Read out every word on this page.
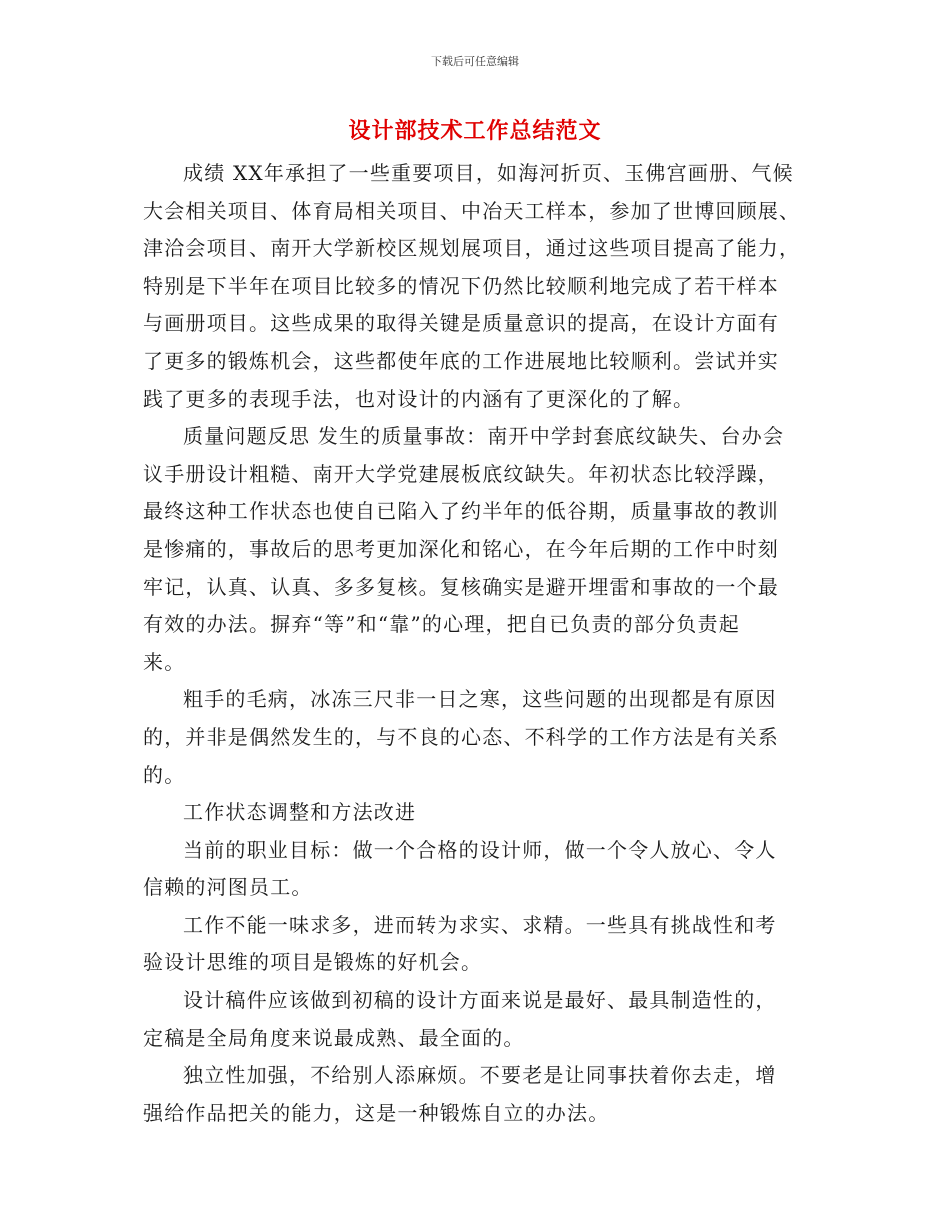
下载后可任意编辑
设计部技术工作总结范文

成绩 XX年承担了一些重要项目，如海河折页、玉佛宫画册、气候
大会相关项目、体育局相关项目、中冶天工样本，参加了世博回顾展、
津洽会项目、南开大学新校区规划展项目，通过这些项目提高了能力，
特别是下半年在项目比较多的情况下仍然比较顺利地完成了若干样本
与画册项目。这些成果的取得关键是质量意识的提高，在设计方面有
了更多的锻炼机会，这些都使年底的工作进展地比较顺利。尝试并实
践了更多的表现手法，也对设计的内涵有了更深化的了解。

质量问题反思 发生的质量事故：南开中学封套底纹缺失、台办会
议手册设计粗糙、南开大学党建展板底纹缺失。年初状态比较浮躁，
最终这种工作状态也使自已陷入了约半年的低谷期，质量事故的教训
是惨痛的，事故后的思考更加深化和铭心，在今年后期的工作中时刻
牢记，认真、认真、多多复核。复核确实是避开埋雷和事故的一个最
有效的办法。摒弃“等”和“靠”的心理，把自已负责的部分负责起
来。

粗手的毛病，冰冻三尺非一日之寒，这些问题的出现都是有原因
的，并非是偶然发生的，与不良的心态、不科学的工作方法是有关系
的。

工作状态调整和方法改进

当前的职业目标：做一个合格的设计师，做一个令人放心、令人
信赖的河图员工。

工作不能一味求多，进而转为求实、求精。一些具有挑战性和考
验设计思维的项目是锻炼的好机会。

设计稿件应该做到初稿的设计方面来说是最好、最具制造性的，
定稿是全局角度来说最成熟、最全面的。

独立性加强，不给别人添麻烦。不要老是让同事扶着你去走，增
强给作品把关的能力，这是一种锻炼自立的办法。
